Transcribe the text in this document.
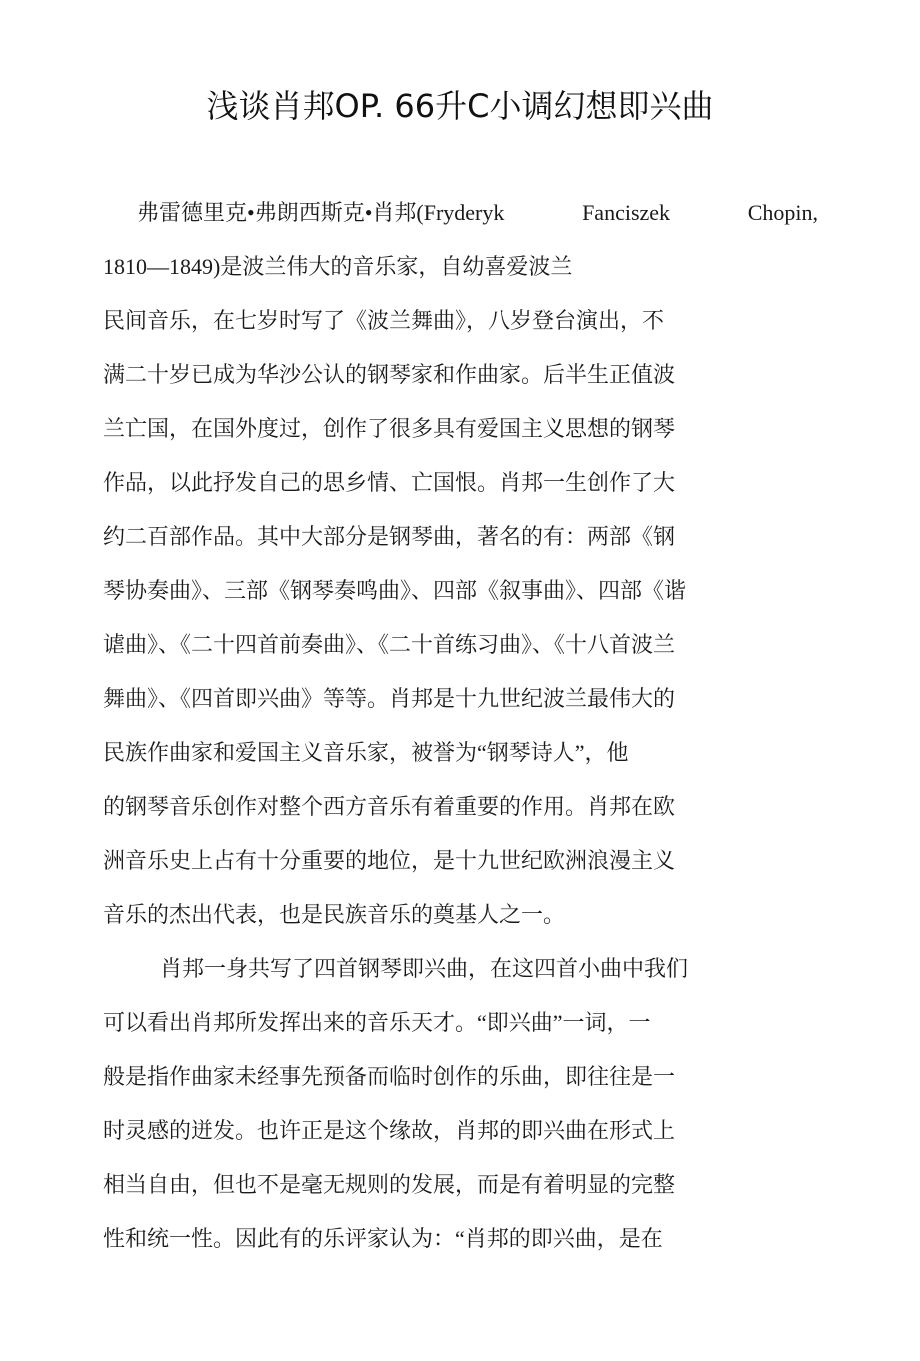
浅谈肖邦OP. 66升C小调幻想即兴曲
弗雷德里克•弗朗西斯克•肖邦(Fryderyk	Fanciszek	Chopin,
1810—1849)是波兰伟大的音乐家，自幼喜爱波兰
民间音乐，在七岁时写了《波兰舞曲》，八岁登台演出，不
满二十岁已成为华沙公认的钢琴家和作曲家。后半生正值波
兰亡国，在国外度过，创作了很多具有爱国主义思想的钢琴
作品，以此抒发自己的思乡情、亡国恨。肖邦一生创作了大
约二百部作品。其中大部分是钢琴曲，著名的有：两部《钢
琴协奏曲》、三部《钢琴奏鸣曲》、四部《叙事曲》、四部《谐
谑曲》、《二十四首前奏曲》、《二十首练习曲》、《十八首波兰
舞曲》、《四首即兴曲》等等。肖邦是十九世纪波兰最伟大的
民族作曲家和爱国主义音乐家，被誉为“钢琴诗人”，他
的钢琴音乐创作对整个西方音乐有着重要的作用。肖邦在欧
洲音乐史上占有十分重要的地位，是十九世纪欧洲浪漫主义
音乐的杰出代表，也是民族音乐的奠基人之一。
肖邦一身共写了四首钢琴即兴曲，在这四首小曲中我们
可以看出肖邦所发挥出来的音乐天才。“即兴曲”一词，一
般是指作曲家未经事先预备而临时创作的乐曲，即往往是一
时灵感的迸发。也许正是这个缘故，肖邦的即兴曲在形式上
相当自由，但也不是毫无规则的发展，而是有着明显的完整
性和统一性。因此有的乐评家认为：“肖邦的即兴曲，是在
